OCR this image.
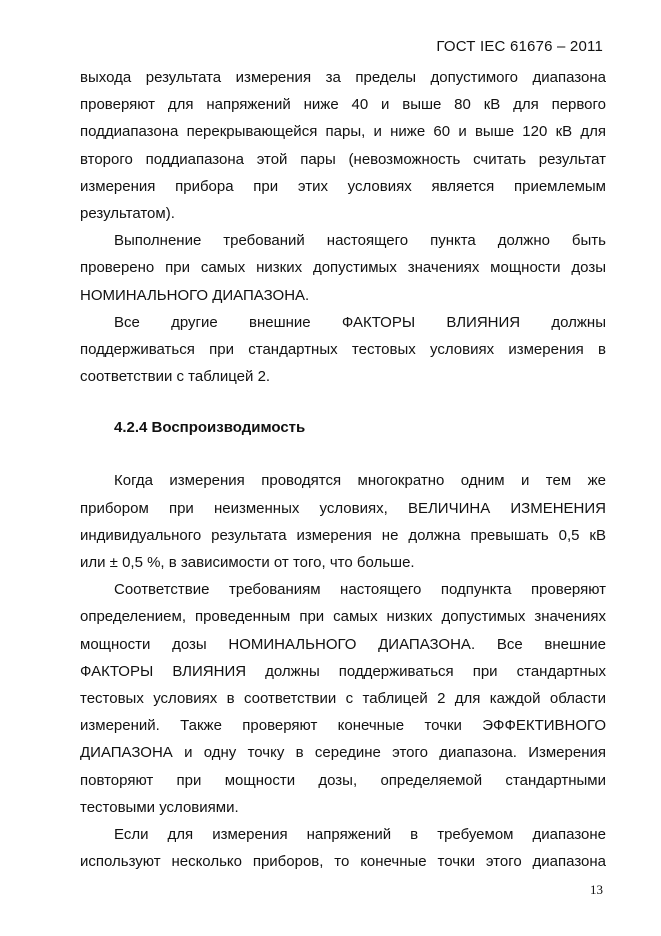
ГОСТ IEC 61676 – 2011

выхода результата измерения за пределы допустимого диапазона
проверяют для напряжений ниже 40 и выше 80 кВ для первого
поддиапазона перекрывающейся пары, и ниже 60 и выше 120 кВ для
второго поддиапазона этой пары (невозможность считать результат
измерения прибора при этих условиях является приемлемым
результатом).

Выполнение требований настоящего пункта должно быть
проверено при самых низких допустимых значениях мощности дозы
НОМИНАЛЬНОГО ДИАПАЗОНА.

Все другие внешние ФАКТОРЫ ВЛИЯНИЯ должны
поддерживаться при стандартных тестовых условиях измерения в
соответствии с таблицей 2.

4.2.4 Воспроизводимость

Когда измерения проводятся многократно одним и тем же
прибором при неизменных условиях, ВЕЛИЧИНА ИЗМЕНЕНИЯ
индивидуального результата измерения не должна превышать 0,5 кВ
или ± 0,5 %, в зависимости от того, что больше.

Соответствие требованиям настоящего подпункта проверяют
определением, проведенным при самых низких допустимых значениях
мощности дозы НОМИНАЛЬНОГО ДИАПАЗОНА. Все внешние
ФАКТОРЫ ВЛИЯНИЯ должны поддерживаться при стандартных
тестовых условиях в соответствии с таблицей 2 для каждой области
измерений. Также проверяют конечные точки ЭФФЕКТИВНОГО
ДИАПАЗОНА и одну точку в середине этого диапазона. Измерения
повторяют при мощности дозы, определяемой стандартными
тестовыми условиями.

Если для измерения напряжений в требуемом диапазоне
используют несколько приборов, то конечные точки этого диапазона

13
